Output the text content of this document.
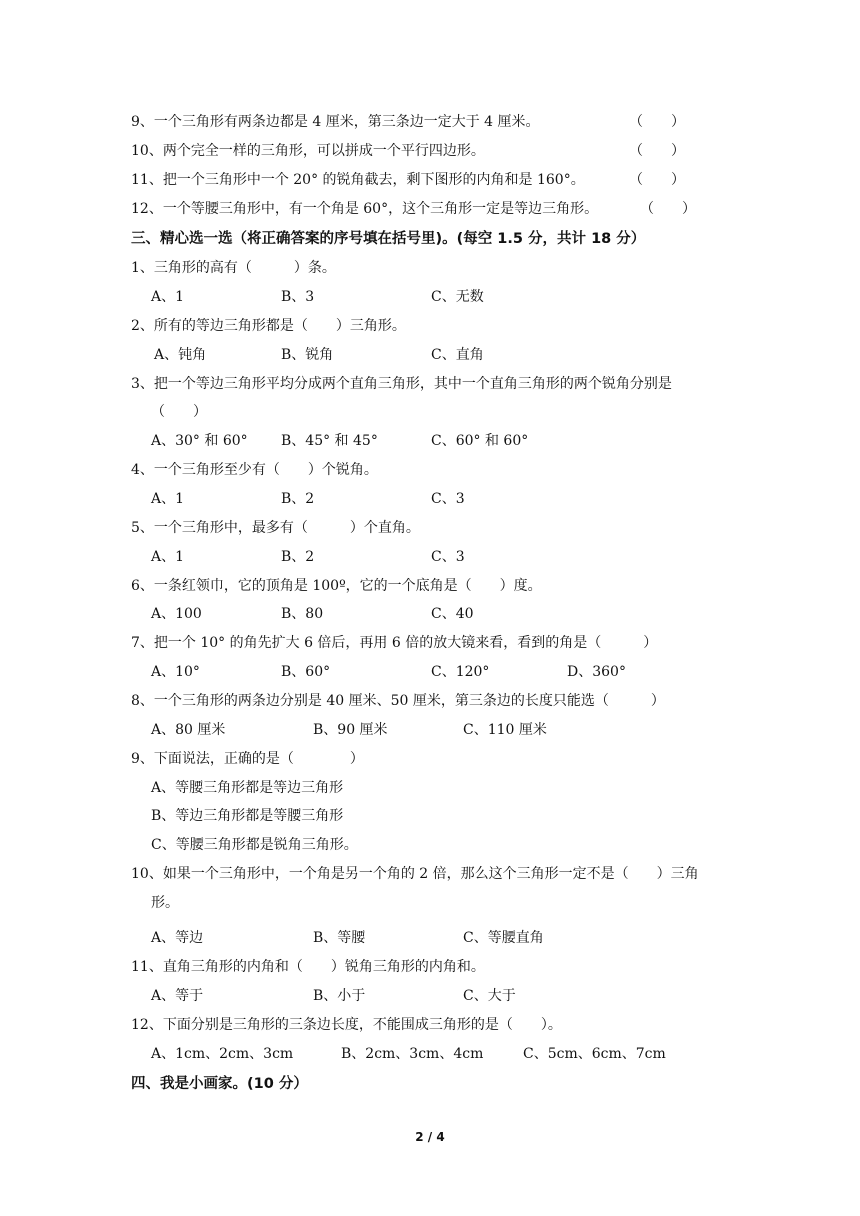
9、一个三角形有两条边都是 4 厘米，第三条边一定大于 4 厘米。	（　　）
10、两个完全一样的三角形，可以拼成一个平行四边形。	（　　）
11、把一个三角形中一个 20° 的锐角截去，剩下图形的内角和是 160°。	（　　）
12、一个等腰三角形中，有一个角是 60°，这个三角形一定是等边三角形。	（　　）
三、精心选一选（将正确答案的序号填在括号里)。(每空 1.5 分，共计 18 分）
1、三角形的高有（　　　）条。
A、1	B、3	C、无数
2、所有的等边三角形都是（　　）三角形。
A、钝角	B、锐角	C、直角
3、把一个等边三角形平均分成两个直角三角形，其中一个直角三角形的两个锐角分别是
（　　）
A、30° 和 60° B、45° 和 45°	C、60° 和 60°
4、一个三角形至少有（　　）个锐角。
A、1	B、2	C、3
5、一个三角形中，最多有（　　　）个直角。
A、1	B、2	C、3
6、一条红领巾，它的顶角是 100º，它的一个底角是（　　）度。
A、100	B、80	C、40
7、把一个 10° 的角先扩大 6 倍后，再用 6 倍的放大镜来看，看到的角是（　　　）
A、10°	B、60°	C、120°	D、360°
8、一个三角形的两条边分别是 40 厘米、50 厘米，第三条边的长度只能选（　　　）
A、80 厘米	B、90 厘米	C、110 厘米
9、下面说法，正确的是（　　　　）
A、等腰三角形都是等边三角形
B、等边三角形都是等腰三角形
C、等腰三角形都是锐角三角形。
10、如果一个三角形中，一个角是另一个角的 2 倍，那么这个三角形一定不是（　　）三角
形。
A、等边	B、等腰	C、等腰直角
11、直角三角形的内角和（　　）锐角三角形的内角和。
A、等于	B、小于	C、大于
12、下面分别是三角形的三条边长度，不能围成三角形的是（　　）。
A、1cm、2cm、3cm	B、2cm、3cm、4cm	C、5cm、6cm、7cm
四、我是小画家。(10 分）
2 / 4
